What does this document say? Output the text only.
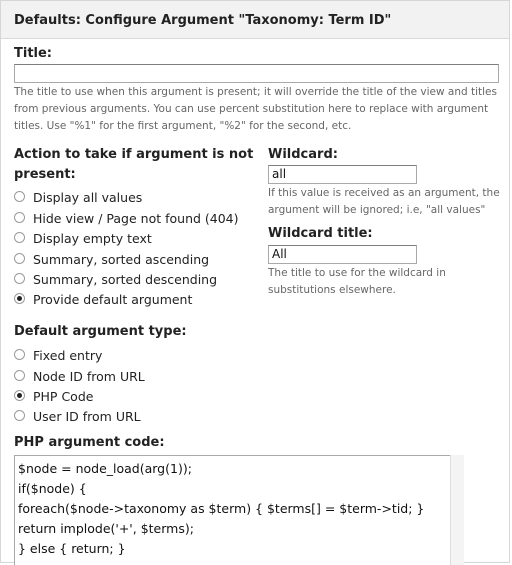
Defaults: Configure Argument "Taxonomy: Term ID"
Title:
The title to use when this argument is present; it will override the title of the view and titles from previous arguments. You can use percent substitution here to replace with argument titles. Use "%1" for the first argument, "%2" for the second, etc.
Action to take if argument is not
present:
Display all values
Hide view / Page not found (404)
Display empty text
Summary, sorted ascending
Summary, sorted descending
Provide default argument
Wildcard:
all
If this value is received as an argument, the argument will be ignored; i.e, "all values"
Wildcard title:
All
The title to use for the wildcard in substitutions elsewhere.
Default argument type:
Fixed entry
Node ID from URL
PHP Code
User ID from URL
PHP argument code:
$node = node_load(arg(1));
if($node) {
foreach($node->taxonomy as $term) { $terms[] = $term->tid; }
return implode('+', $terms);
} else { return; }
